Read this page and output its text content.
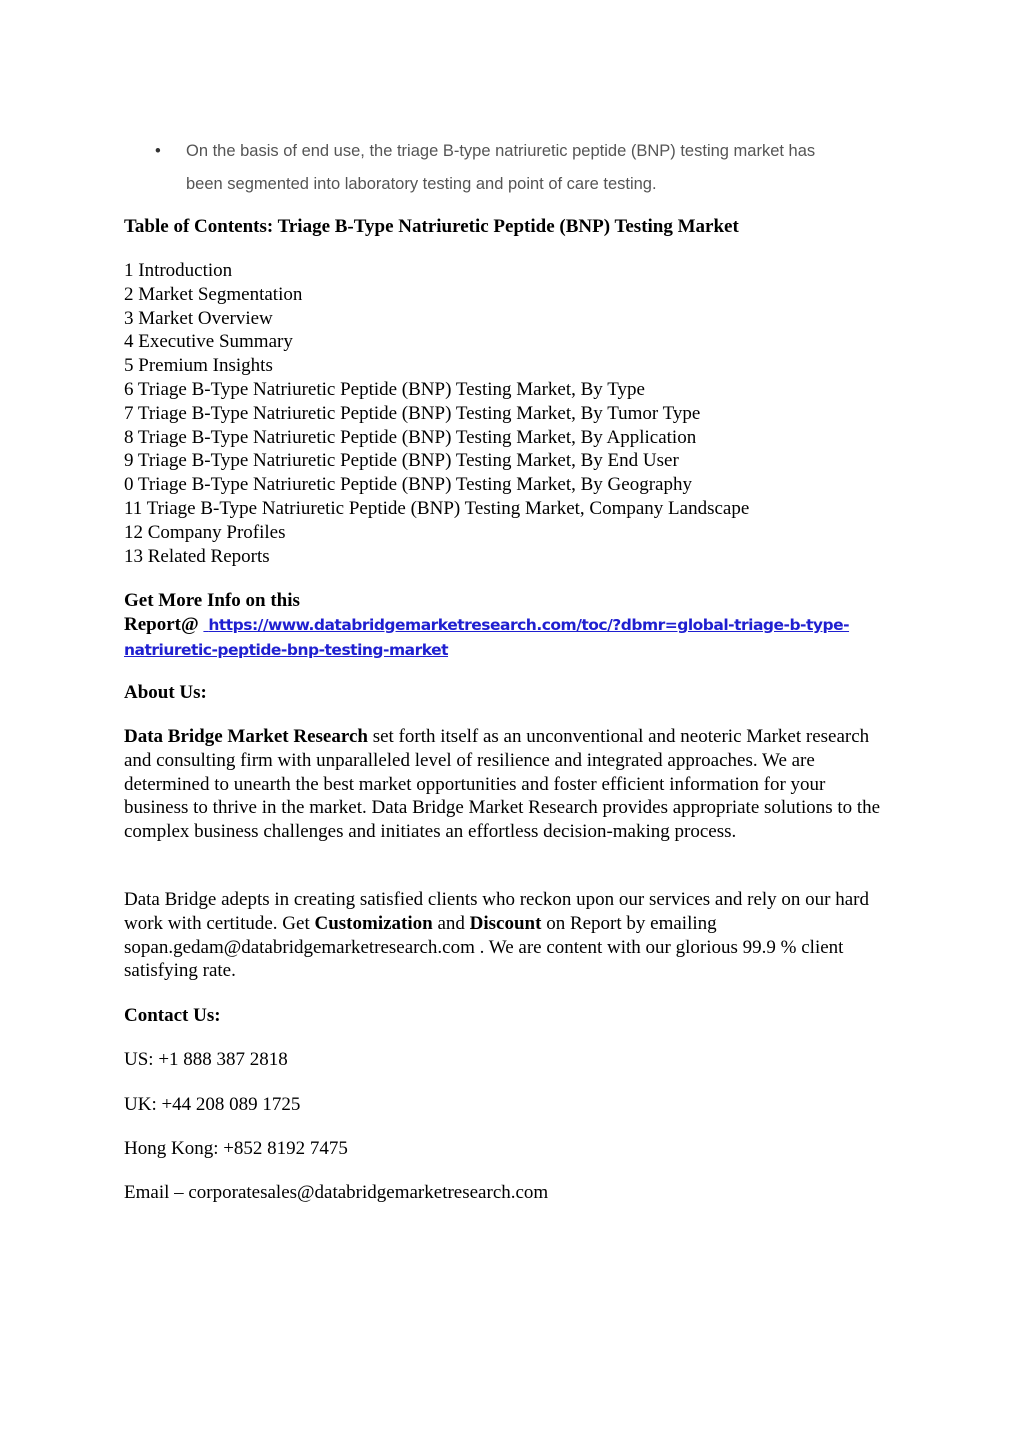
• On the basis of end use, the triage B-type natriuretic peptide (BNP) testing market has
been segmented into laboratory testing and point of care testing.
Table of Contents: Triage B-Type Natriuretic Peptide (BNP) Testing Market
1 Introduction
2 Market Segmentation
3 Market Overview
4 Executive Summary
5 Premium Insights
6 Triage B-Type Natriuretic Peptide (BNP) Testing Market, By Type
7 Triage B-Type Natriuretic Peptide (BNP) Testing Market, By Tumor Type
8 Triage B-Type Natriuretic Peptide (BNP) Testing Market, By Application
9 Triage B-Type Natriuretic Peptide (BNP) Testing Market, By End User
0 Triage B-Type Natriuretic Peptide (BNP) Testing Market, By Geography
11 Triage B-Type Natriuretic Peptide (BNP) Testing Market, Company Landscape
12 Company Profiles
13 Related Reports
Get More Info on this
Report@ https://www.databridgemarketresearch.com/toc/?dbmr=global-triage-b-type-
natriuretic-peptide-bnp-testing-market
About Us:
Data Bridge Market Research set forth itself as an unconventional and neoteric Market research and consulting firm with unparalleled level of resilience and integrated approaches. We are determined to unearth the best market opportunities and foster efficient information for your business to thrive in the market. Data Bridge Market Research provides appropriate solutions to the complex business challenges and initiates an effortless decision-making process.
Data Bridge adepts in creating satisfied clients who reckon upon our services and rely on our hard work with certitude. Get Customization and Discount on Report by emailing sopan.gedam@databridgemarketresearch.com . We are content with our glorious 99.9 % client satisfying rate.
Contact Us:
US: +1 888 387 2818
UK: +44 208 089 1725
Hong Kong: +852 8192 7475
Email – corporatesales@databridgemarketresearch.com
